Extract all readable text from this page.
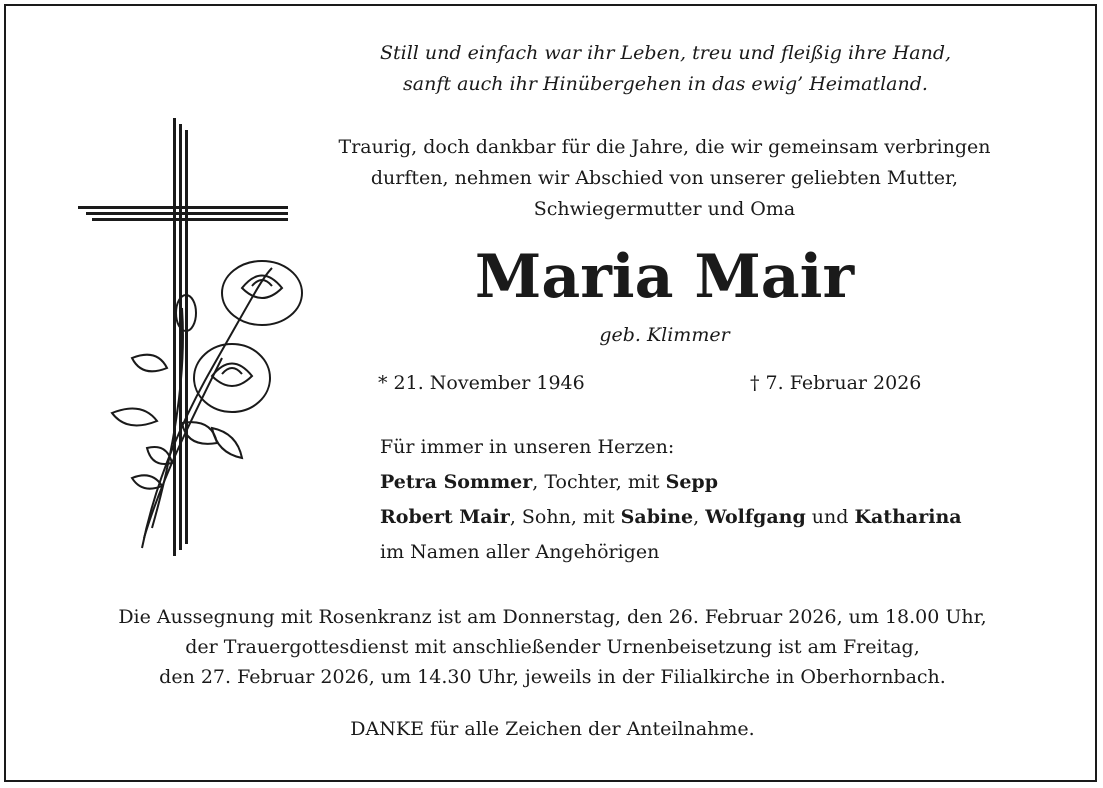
Still und einfach war ihr Leben, treu und fleißig ihre Hand,
sanft auch ihr Hinübergehen in das ewig’ Heimatland.
Traurig, doch dankbar für die Jahre, die wir gemeinsam verbringen
durften, nehmen wir Abschied von unserer geliebten Mutter,
Schwiegermutter und Oma
Maria Mair
geb. Klimmer
* 21. November 1946	† 7. Februar 2026
Für immer in unseren Herzen:
Petra Sommer, Tochter, mit Sepp
Robert Mair, Sohn, mit Sabine, Wolfgang und Katharina
im Namen aller Angehörigen
Die Aussegnung mit Rosenkranz ist am Donnerstag, den 26. Februar 2026, um 18.00 Uhr,
der Trauergottesdienst mit anschließender Urnenbeisetzung ist am Freitag,
den 27. Februar 2026, um 14.30 Uhr, jeweils in der Filialkirche in Oberhornbach.
DANKE für alle Zeichen der Anteilnahme.
